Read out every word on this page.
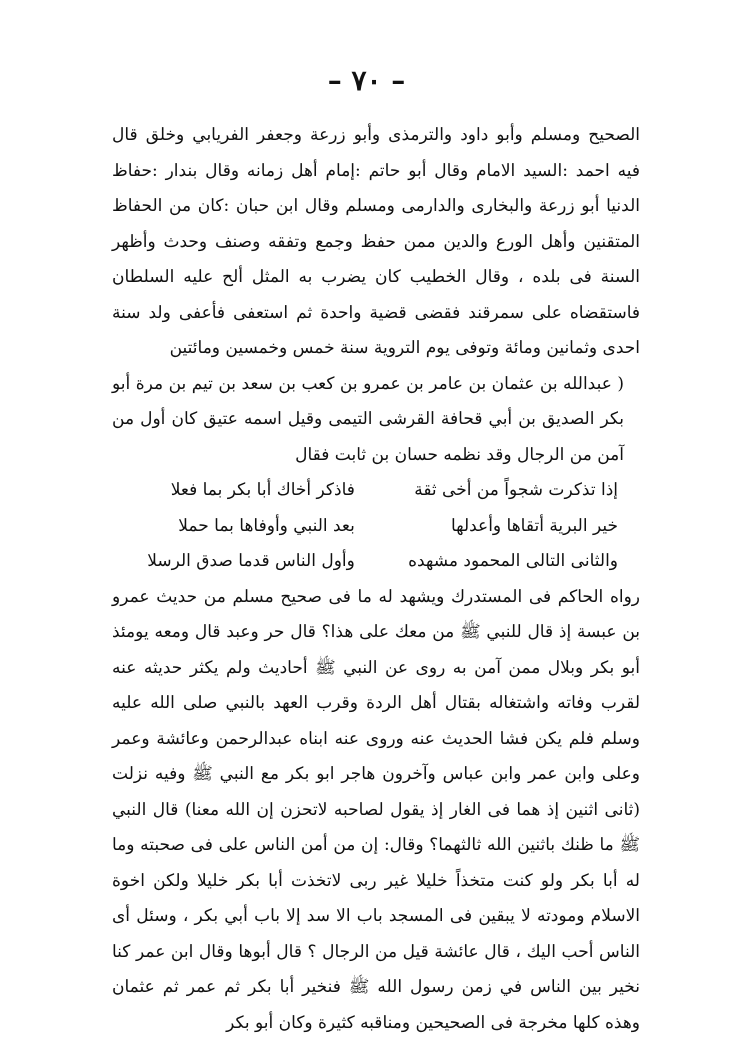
– ٧٠ –

الصحيح ومسلم وأبو داود والترمذى وأبو زرعة وجعفر الفريابي وخلق قال فيه احمد :السيد الامام وقال أبو حاتم :إمام أهل زمانه وقال بندار :حفاظ الدنيا أبو زرعة والبخارى والدارمى ومسلم وقال ابن حبان :كان من الحفاظ المتقنين وأهل الورع والدين ممن حفظ وجمع وتفقه وصنف وحدث وأظهر السنة فى بلده ، وقال الخطيب كان يضرب به المثل ألح عليه السلطان فاستقضاه على سمرقند فقضى قضية واحدة ثم استعفى فأعفى ولد سنة احدى وثمانين ومائة وتوفى يوم التروية سنة خمس وخمسين ومائتين

( عبدالله بن عثمان بن عامر بن عمرو بن كعب بن سعد بن تيم بن مرة أبو بكر الصديق بن أبي قحافة القرشى التيمى وقيل اسمه عتيق كان أول من آمن من الرجال وقد نظمه حسان بن ثابت فقال

إذا تذكرت شجواً من أخى ثقة
فاذكر أخاك أبا بكر بما فعلا
خير البرية أتقاها وأعدلها
بعد النبي وأوفاها بما حملا
والثانى التالى المحمود مشهده
وأول الناس قدما صدق الرسلا

رواه الحاكم فى المستدرك ويشهد له ما فى صحيح مسلم من حديث عمرو بن عبسة إذ قال للنبي ﷺ من معك على هذا؟ قال حر وعبد قال ومعه يومئذ أبو بكر وبلال ممن آمن به روى عن النبي ﷺ أحاديث ولم يكثر حديثه عنه لقرب وفاته واشتغاله بقتال أهل الردة وقرب العهد بالنبي صلى الله عليه وسلم فلم يكن فشا الحديث عنه وروى عنه ابناه عبدالرحمن وعائشة وعمر وعلى وابن عمر وابن عباس وآخرون هاجر ابو بكر مع النبي ﷺ وفيه نزلت (ثانى اثنين إذ هما فى الغار إذ يقول لصاحبه لاتحزن إن الله معنا) قال النبي ﷺ ما ظنك باثنين الله ثالثهما؟ وقال: إن من أمن الناس على فى صحبته وما له أبا بكر ولو كنت متخذاً خليلا غير ربى لاتخذت أبا بكر خليلا ولكن اخوة الاسلام ومودته لا يبقين فى المسجد باب الا سد إلا باب أبي بكر ، وسئل أى الناس أحب اليك ، قال عائشة قيل من الرجال ؟ قال أبوها وقال ابن عمر كنا نخير بين الناس في زمن رسول الله ﷺ فنخير أبا بكر ثم عمر ثم عثمان وهذه كلها مخرجة فى الصحيحين ومناقبه كثيرة وكان أبو بكر
